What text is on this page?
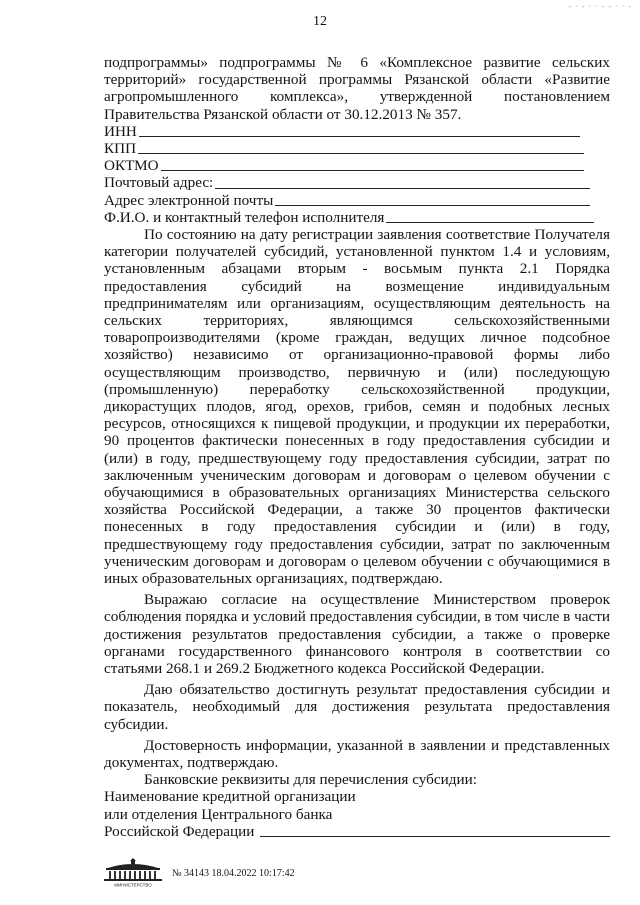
12
- · - · · - - · · -

подпрограммы» подпрограммы № 6 «Комплексное развитие сельских

территорий» государственной программы Рязанской области «Развитие

агропромышленного комплекса», утвержденной постановлением

Правительства Рязанской области от 30.12.2013 № 357.

ИНН
КПП
ОКТМО
Почтовый адрес:
Адрес электронной почты
Ф.И.О. и контактный телефон исполнителя

По состоянию на дату регистрации заявления соответствие Получателя категории получателей субсидий, установленной пунктом 1.4 и условиям, установленным абзацами вторым - восьмым пункта 2.1 Порядка предоставления субсидий на возмещение индивидуальным предпринимателям или организациям, осуществляющим деятельность на сельских территориях, являющимся сельскохозяйственными товаропроизводителями (кроме граждан, ведущих личное подсобное хозяйство) независимо от организационно-правовой формы либо осуществляющим производство, первичную и (или) последующую (промышленную) переработку сельскохозяйственной продукции, дикорастущих плодов, ягод, орехов, грибов, семян и подобных лесных ресурсов, относящихся к пищевой продукции, и продукции их переработки, 90 процентов фактически понесенных в году предоставления субсидии и (или) в году, предшествующему году предоставления субсидии, затрат по заключенным ученическим договорам и договорам о целевом обучении с обучающимися в образовательных организациях Министерства сельского хозяйства Российской Федерации, а также 30 процентов фактически понесенных в году предоставления субсидии и (или) в году, предшествующему году предоставления субсидии, затрат по заключенным ученическим договорам и договорам о целевом обучении с обучающимися в иных образовательных организациях, подтверждаю.

Выражаю согласие на осуществление Министерством проверок соблюдения порядка и условий предоставления субсидии, в том числе в части достижения результатов предоставления субсидии, а также о проверке органами государственного финансового контроля в соответствии со статьями 268.1 и 269.2 Бюджетного кодекса Российской Федерации.

Даю обязательство достигнуть результат предоставления субсидии и показатель, необходимый для достижения результата предоставления субсидии.

Достоверность информации, указанной в заявлении и представленных документах, подтверждаю.

Банковские реквизиты для перечисления субсидии:

Наименование кредитной организации

или отделения Центрального банка

Российской Федерации
МИНИСТЕРСТВО
№ 34143 18.04.2022 10:17:42
